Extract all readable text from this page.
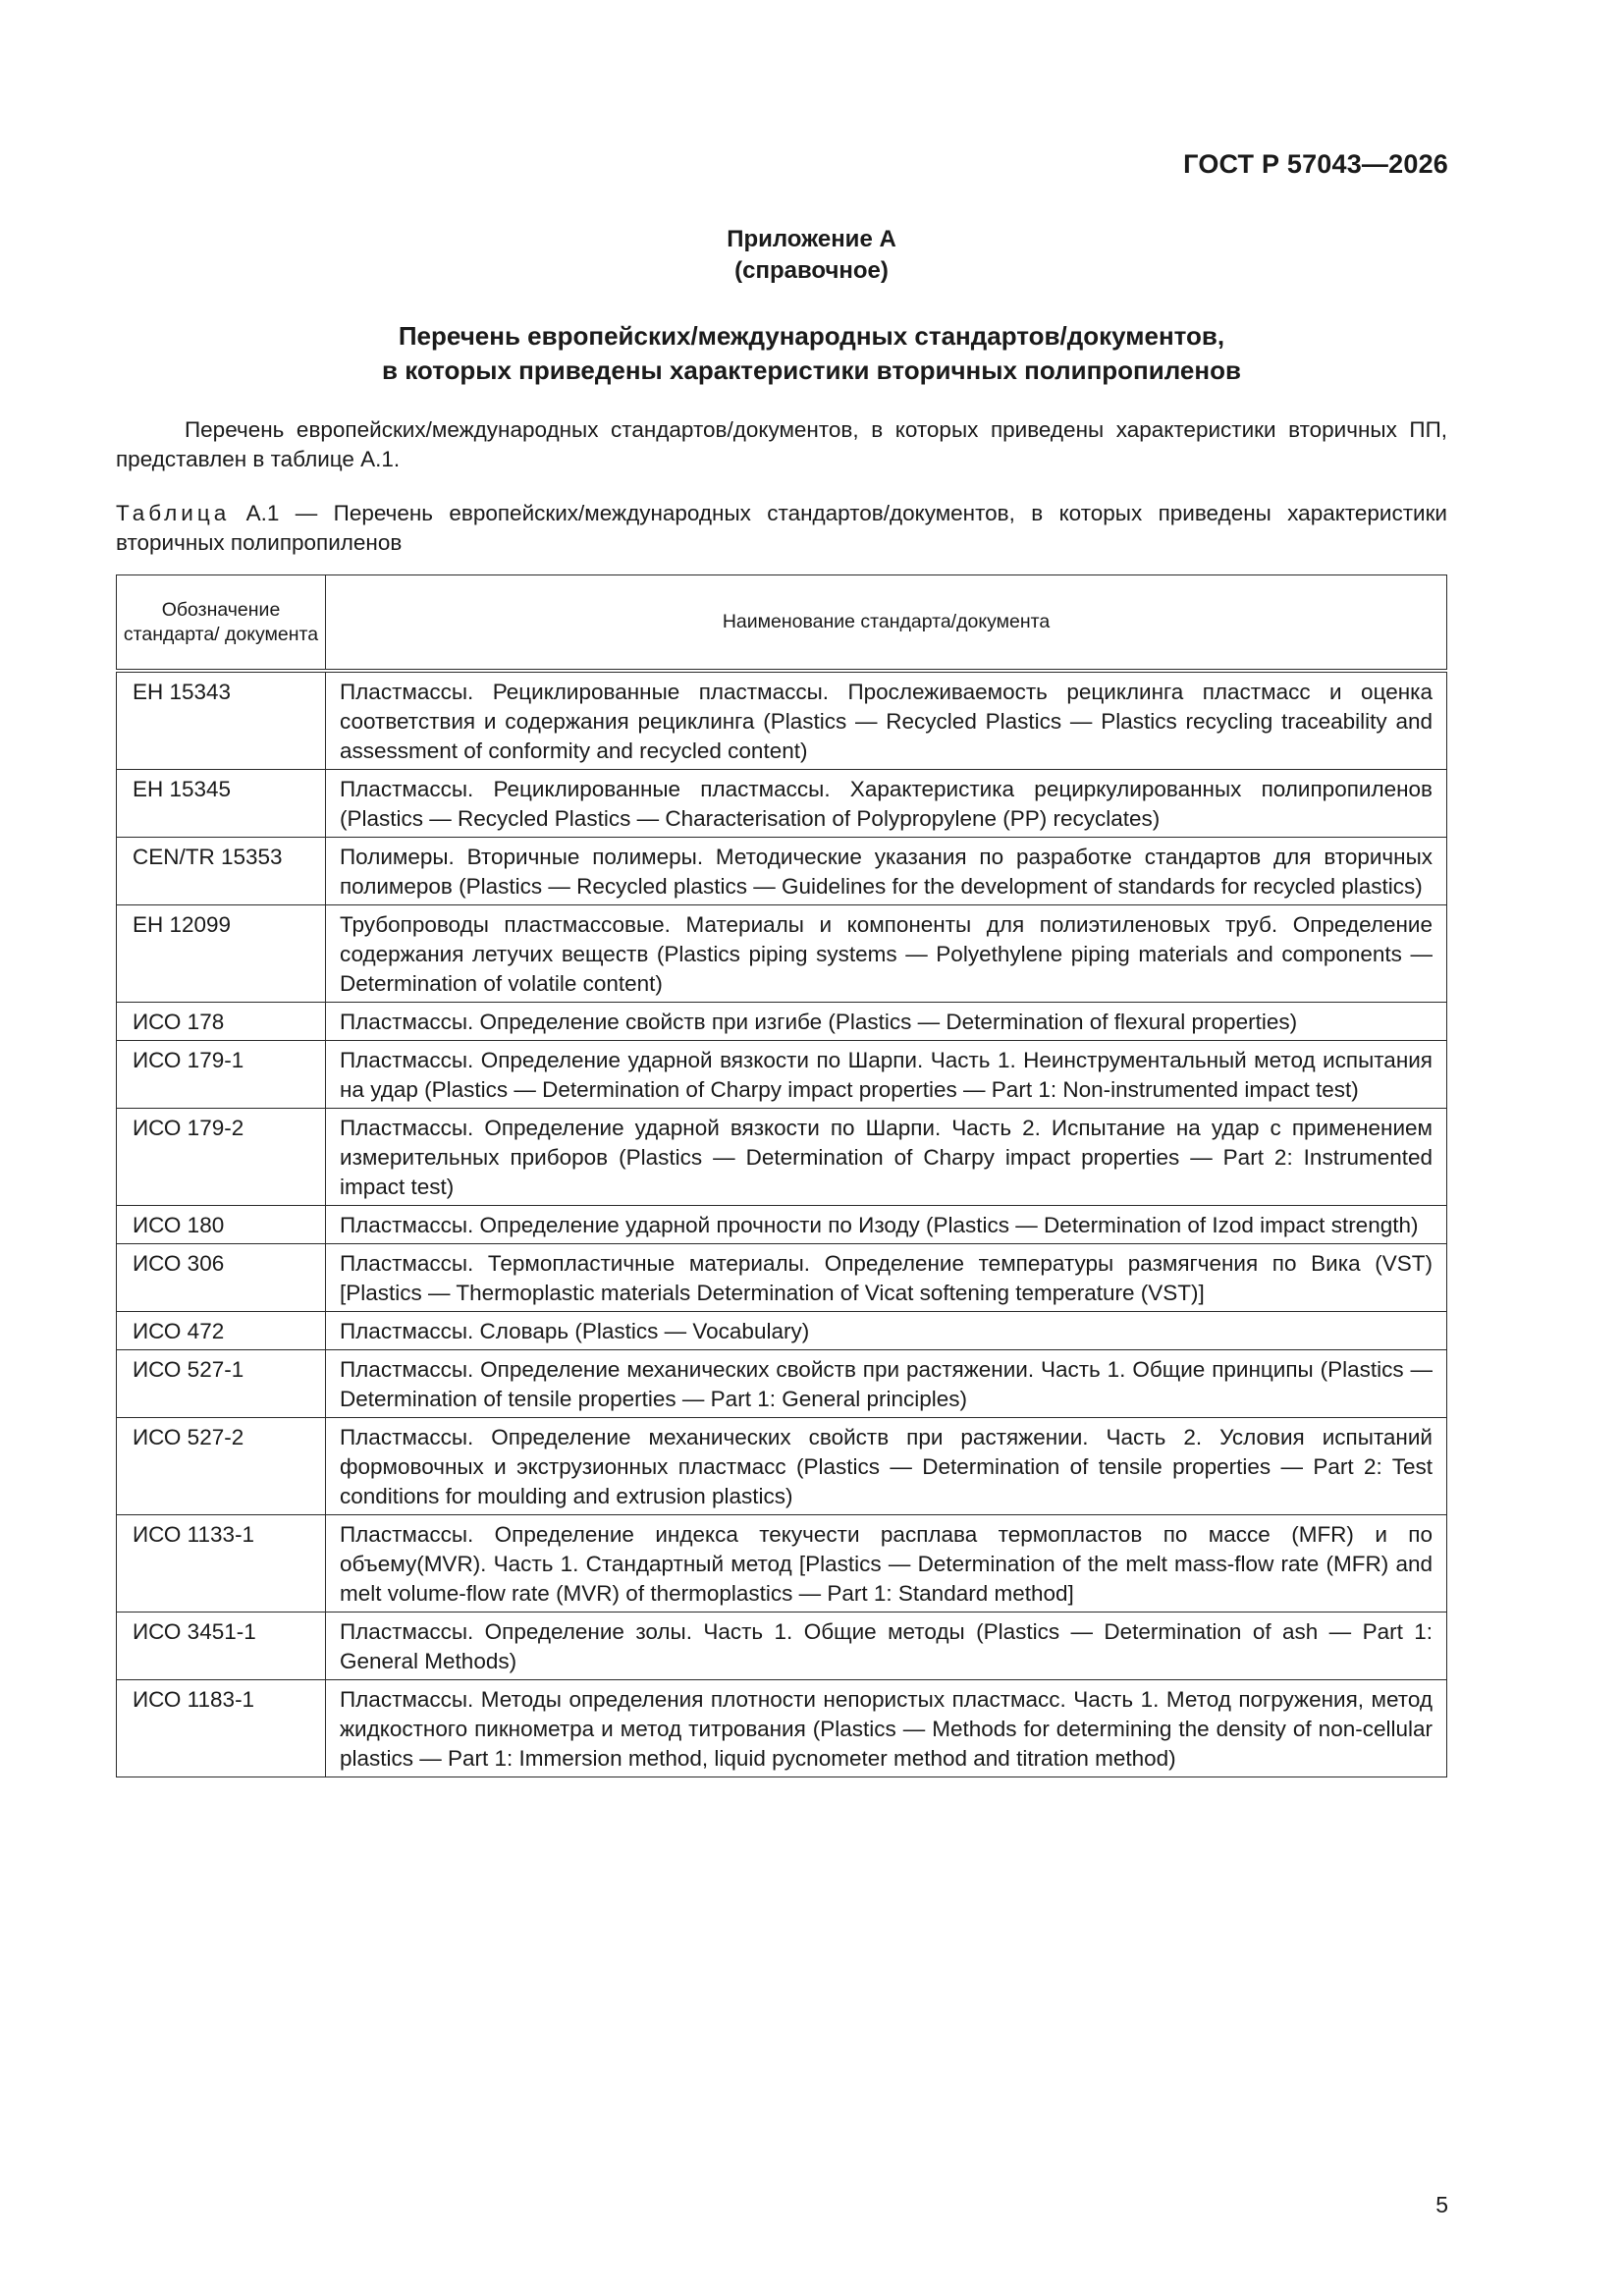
ГОСТ Р 57043—2026
Приложение А
(справочное)
Перечень европейских/международных стандартов/документов,
в которых приведены характеристики вторичных полипропиленов

Перечень европейских/международных стандартов/документов, в которых приведены характеристики вторичных ПП, представлен в таблице А.1.

Таблица А.1 — Перечень европейских/международных стандартов/документов, в которых приведены характеристики вторичных полипропиленов

Обозначение стандарта/ документа	Наименование стандарта/документа
ЕН 15343	Пластмассы. Рециклированные пластмассы. Прослеживаемость рециклинга пластмасс и оценка соответствия и содержания рециклинга (Plastics — Recycled Plastics — Plastics recycling traceability and assessment of conformity and recycled content)
ЕН 15345	Пластмассы. Рециклированные пластмассы. Характеристика рециркулированных полипропиленов (Plastics — Recycled Plastics — Characterisation of Polypropylene (PP) recyclates)
CEN/TR 15353	Полимеры. Вторичные полимеры. Методические указания по разработке стандартов для вторичных полимеров (Plastics — Recycled plastics — Guidelines for the development of standards for recycled plastics)
ЕН 12099	Трубопроводы пластмассовые. Материалы и компоненты для полиэтиленовых труб. Определение содержания летучих веществ (Plastics piping systems — Polyethylene piping materials and components — Determination of volatile content)
ИСО 178	Пластмассы. Определение свойств при изгибе (Plastics — Determination of flexural properties)
ИСО 179-1	Пластмассы. Определение ударной вязкости по Шарпи. Часть 1. Неинструментальный метод испытания на удар (Plastics — Determination of Charpy impact properties — Part 1: Non-instrumented impact test)
ИСО 179-2	Пластмассы. Определение ударной вязкости по Шарпи. Часть 2. Испытание на удар с применением измерительных приборов (Plastics — Determination of Charpy impact properties — Part 2: Instrumented impact test)
ИСО 180	Пластмассы. Определение ударной прочности по Изоду (Plastics — Determination of Izod impact strength)
ИСО 306	Пластмассы. Термопластичные материалы. Определение температуры размягчения по Вика (VST) [Plastics — Thermoplastic materials Determination of Vicat softening temperature (VST)]
ИСО 472	Пластмассы. Словарь (Plastics — Vocabulary)
ИСО 527-1	Пластмассы. Определение механических свойств при растяжении. Часть 1. Общие принципы (Plastics — Determination of tensile properties — Part 1: General principles)
ИСО 527-2	Пластмассы. Определение механических свойств при растяжении. Часть 2. Условия испытаний формовочных и экструзионных пластмасс (Plastics — Determination of tensile properties — Part 2: Test conditions for moulding and extrusion plastics)
ИСО 1133-1	Пластмассы. Определение индекса текучести расплава термопластов по массе (MFR) и по объему(MVR). Часть 1. Стандартный метод [Plastics — Determination of the melt mass-flow rate (MFR) and melt volume-flow rate (MVR) of thermoplastics — Part 1: Standard method]
ИСО 3451-1	Пластмассы. Определение золы. Часть 1. Общие методы (Plastics — Determination of ash — Part 1: General Methods)
ИСО 1183-1	Пластмассы. Методы определения плотности непористых пластмасс. Часть 1. Метод погружения, метод жидкостного пикнометра и метод титрования (Plastics — Methods for determining the density of non-cellular plastics — Part 1: Immersion method, liquid pycnometer method and titration method)
5
